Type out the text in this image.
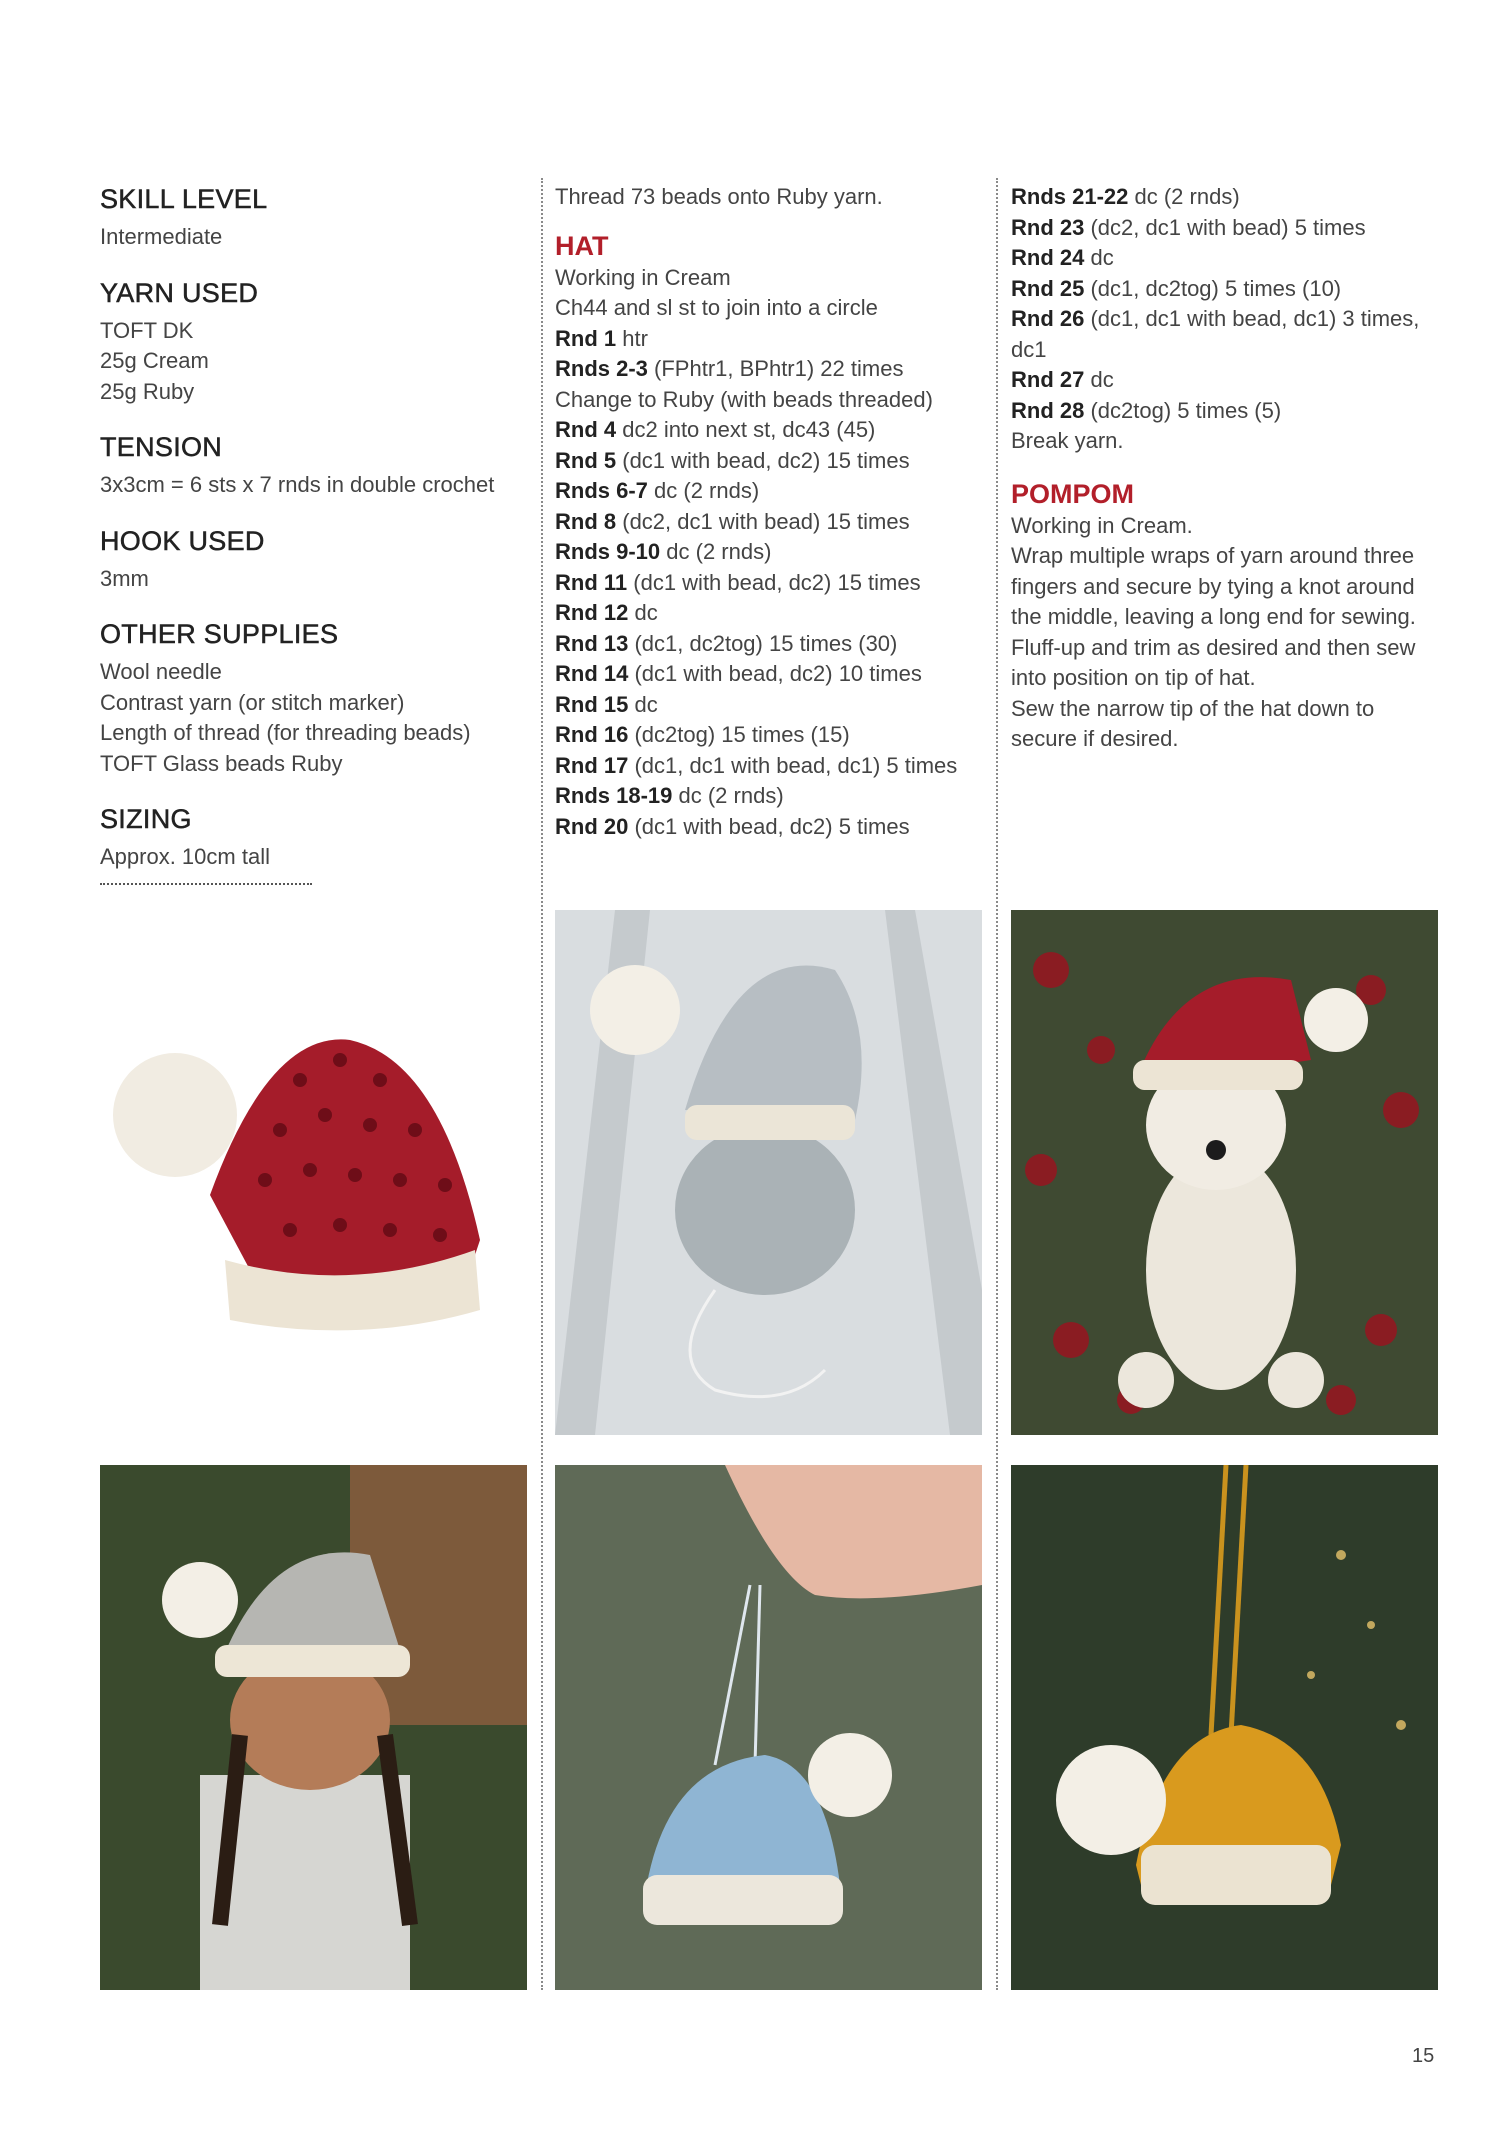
SKILL LEVEL
Intermediate
YARN USED
TOFT DK
25g Cream
25g Ruby
TENSION
3x3cm = 6 sts x 7 rnds in double crochet
HOOK USED
3mm
OTHER SUPPLIES
Wool needle
Contrast yarn (or stitch marker)
Length of thread (for threading beads)
TOFT Glass beads Ruby
SIZING
Approx. 10cm tall
Thread 73 beads onto Ruby yarn.
HAT
Working in Cream
Ch44 and sl st to join into a circle
Rnd 1 htr
Rnds 2-3 (FPhtr1, BPhtr1) 22 times
Change to Ruby (with beads threaded)
Rnd 4 dc2 into next st, dc43 (45)
Rnd 5 (dc1 with bead, dc2) 15 times
Rnds 6-7 dc (2 rnds)
Rnd 8 (dc2, dc1 with bead) 15 times
Rnds 9-10 dc (2 rnds)
Rnd 11 (dc1 with bead, dc2) 15 times
Rnd 12 dc
Rnd 13 (dc1, dc2tog) 15 times (30)
Rnd 14 (dc1 with bead, dc2) 10 times
Rnd 15 dc
Rnd 16 (dc2tog) 15 times (15)
Rnd 17 (dc1, dc1 with bead, dc1) 5 times
Rnds 18-19 dc (2 rnds)
Rnd 20 (dc1 with bead, dc2) 5 times
Rnds 21-22 dc (2 rnds)
Rnd 23 (dc2, dc1 with bead) 5 times
Rnd 24 dc
Rnd 25 (dc1, dc2tog) 5 times (10)
Rnd 26 (dc1, dc1 with bead, dc1) 3 times,
dc1
Rnd 27 dc
Rnd 28 (dc2tog) 5 times (5)
Break yarn.
POMPOM
Working in Cream.
Wrap multiple wraps of yarn around three
fingers and secure by tying a knot around
the middle, leaving a long end for sewing.
Fluff-up and trim as desired and then sew
into position on tip of hat.
Sew the narrow tip of the hat down to
secure if desired.
15
